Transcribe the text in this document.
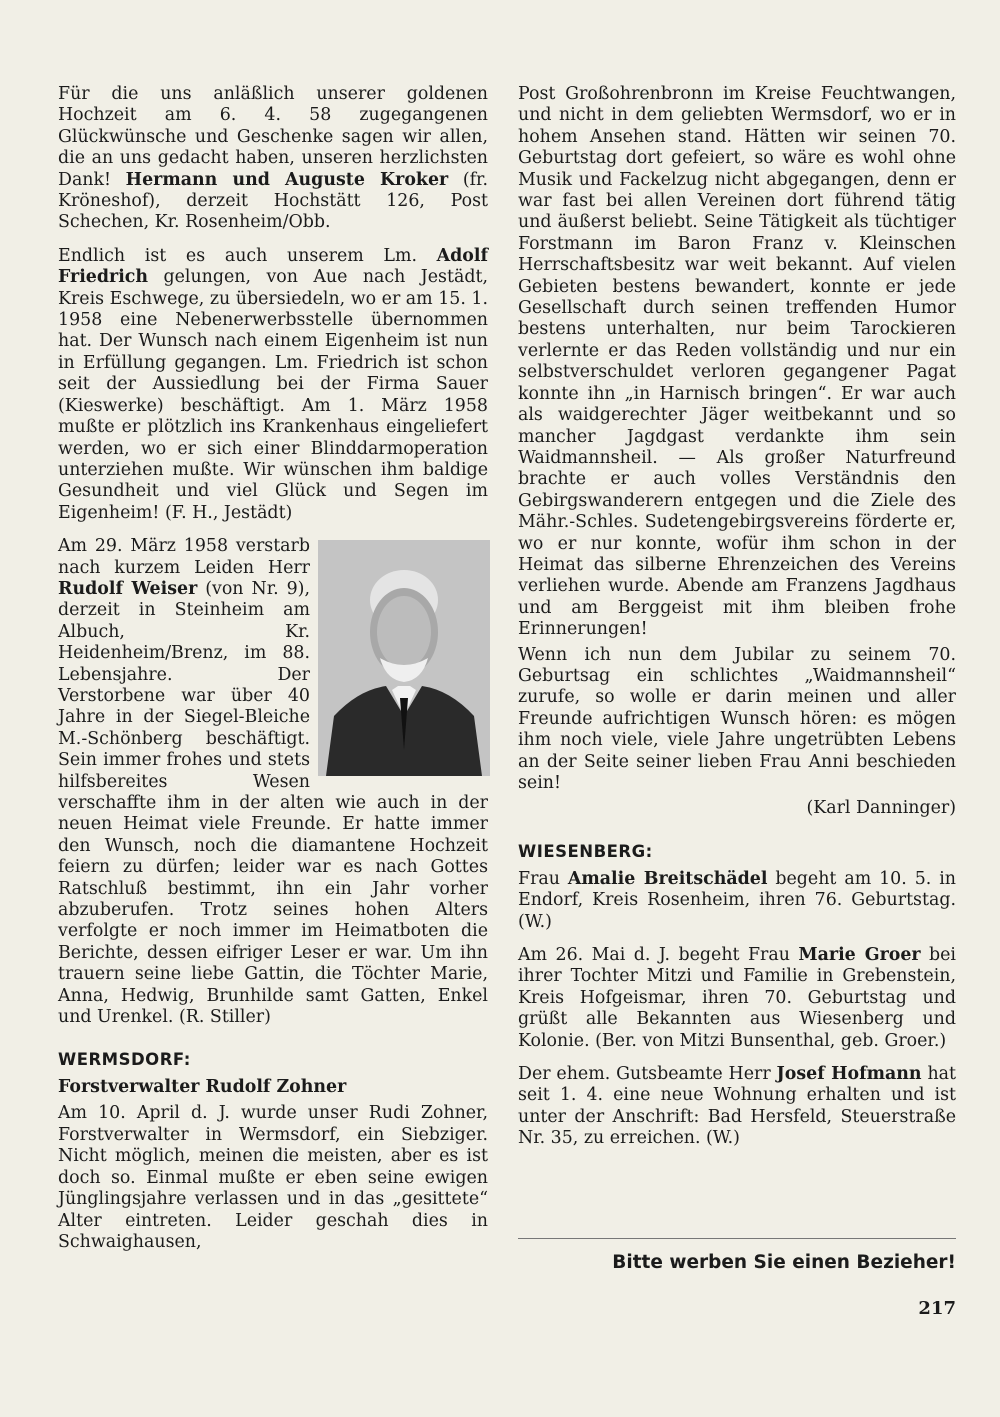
Für die uns anläßlich unserer goldenen Hochzeit am 6. 4. 58 zugegangenen Glückwünsche und Geschenke sagen wir allen, die an uns gedacht haben, unseren herzlichsten Dank! Hermann und Auguste Kroker (fr. Kröneshof), derzeit Hochstätt 126, Post Schechen, Kr. Rosenheim/Obb.

Endlich ist es auch unserem Lm. Adolf Friedrich gelungen, von Aue nach Jestädt, Kreis Eschwege, zu übersiedeln, wo er am 15. 1. 1958 eine Nebenerwerbsstelle übernommen hat. Der Wunsch nach einem Eigenheim ist nun in Erfüllung gegangen. Lm. Friedrich ist schon seit der Aussiedlung bei der Firma Sauer (Kieswerke) beschäftigt. Am 1. März 1958 mußte er plötzlich ins Krankenhaus eingeliefert werden, wo er sich einer Blinddarmoperation unterziehen mußte. Wir wünschen ihm baldige Gesundheit und viel Glück und Segen im Eigenheim! (F. H., Jestädt)

Am 29. März 1958 verstarb nach kurzem Leiden Herr Rudolf Weiser (von Nr. 9), derzeit in Steinheim am Albuch, Kr. Heidenheim/Brenz, im 88. Lebensjahre. Der Verstorbene war über 40 Jahre in der Siegel-Bleiche M.-Schönberg beschäftigt. Sein immer frohes und stets hilfsbereites Wesen verschaffte ihm in der alten wie auch in der neuen Heimat viele Freunde. Er hatte immer den Wunsch, noch die diamantene Hochzeit feiern zu dürfen; leider war es nach Gottes Ratschluß bestimmt, ihn ein Jahr vorher abzuberufen. Trotz seines hohen Alters verfolgte er noch immer im Heimatboten die Berichte, dessen eifriger Leser er war. Um ihn trauern seine liebe Gattin, die Töchter Marie, Anna, Hedwig, Brunhilde samt Gatten, Enkel und Urenkel. (R. Stiller)

WERMSDORF:
Forstverwalter Rudolf Zohner

Am 10. April d. J. wurde unser Rudi Zohner, Forstverwalter in Wermsdorf, ein Siebziger. Nicht möglich, meinen die meisten, aber es ist doch so. Einmal mußte er eben seine ewigen Jünglingsjahre verlassen und in das „gesittete“ Alter eintreten. Leider geschah dies in Schwaighausen,

Post Großohrenbronn im Kreise Feuchtwangen, und nicht in dem geliebten Wermsdorf, wo er in hohem Ansehen stand. Hätten wir seinen 70. Geburtstag dort gefeiert, so wäre es wohl ohne Musik und Fackelzug nicht abgegangen, denn er war fast bei allen Vereinen dort führend tätig und äußerst beliebt. Seine Tätigkeit als tüchtiger Forstmann im Baron Franz v. Kleinschen Herrschaftsbesitz war weit bekannt. Auf vielen Gebieten bestens bewandert, konnte er jede Gesellschaft durch seinen treffenden Humor bestens unterhalten, nur beim Tarockieren verlernte er das Reden vollständig und nur ein selbstverschuldet verloren gegangener Pagat konnte ihn „in Harnisch bringen“. Er war auch als waidgerechter Jäger weitbekannt und so mancher Jagdgast verdankte ihm sein Waidmannsheil. — Als großer Naturfreund brachte er auch volles Verständnis den Gebirgswanderern entgegen und die Ziele des Mähr.-Schles. Sudetengebirgsvereins förderte er, wo er nur konnte, wofür ihm schon in der Heimat das silberne Ehrenzeichen des Vereins verliehen wurde. Abende am Franzens Jagdhaus und am Berggeist mit ihm bleiben frohe Erinnerungen!

Wenn ich nun dem Jubilar zu seinem 70. Geburtsag ein schlichtes „Waidmannsheil“ zurufe, so wolle er darin meinen und aller Freunde aufrichtigen Wunsch hören: es mögen ihm noch viele, viele Jahre ungetrübten Lebens an der Seite seiner lieben Frau Anni beschieden sein!

(Karl Danninger)

WIESENBERG:

Frau Amalie Breitschädel begeht am 10. 5. in Endorf, Kreis Rosenheim, ihren 76. Geburtstag. (W.)

Am 26. Mai d. J. begeht Frau Marie Groer bei ihrer Tochter Mitzi und Familie in Grebenstein, Kreis Hofgeismar, ihren 70. Geburtstag und grüßt alle Bekannten aus Wiesenberg und Kolonie. (Ber. von Mitzi Bunsenthal, geb. Groer.)

Der ehem. Gutsbeamte Herr Josef Hofmann hat seit 1. 4. eine neue Wohnung erhalten und ist unter der Anschrift: Bad Hersfeld, Steuerstraße Nr. 35, zu erreichen. (W.)

Bitte werben Sie einen Bezieher!
217
